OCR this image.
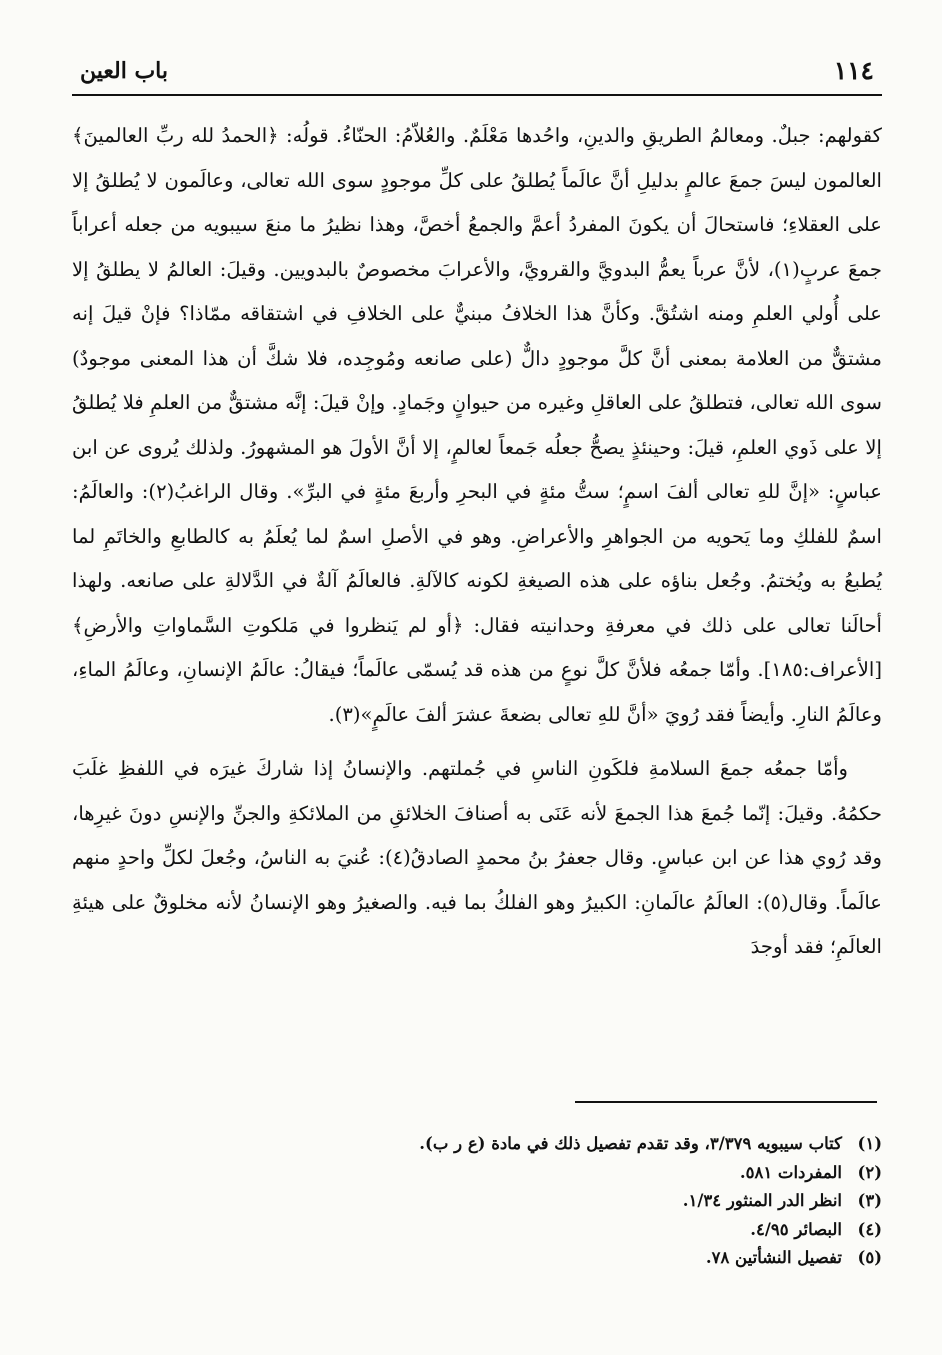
١١٤
باب العين

كقولهم: جبلٌ. ومعالمُ الطريقِ والدينِ، واحُدها مَعْلَمٌ. والعُلاّمُ: الحنّاءُ. قولُه: ﴿الحمدُ لله ربِّ العالمينَ﴾ العالمون ليسَ جمعَ عالمٍ بدليلِ أنَّ عالَماً يُطلقُ على كلِّ موجودٍ سوى الله تعالى، وعالَمون لا يُطلقُ إلا على العقلاءِ؛ فاستحالَ أن يكونَ المفردُ أعمَّ والجمعُ أخصَّ، وهذا نظيرُ ما منعَ سيبويه من جعله أعراباً جمعَ عربٍ(١)، لأنَّ عرباً يعمُّ البدويَّ والقرويَّ، والأعرابَ مخصوصٌ بالبدويين. وقيلَ: العالمُ لا يطلقُ إلا على أُولي العلمِ ومنه اشتُقَّ. وكأنَّ هذا الخلافُ مبنيٌّ على الخلافِ في اشتقاقه ممّاذا؟ فإنْ قيلَ إنه مشتقٌّ من العلامة بمعنى أنَّ كلَّ موجودٍ دالٌّ (على صانعه ومُوجِده، فلا شكَّ أن هذا المعنى موجودٌ) سوى الله تعالى، فتطلقُ على العاقلِ وغيره من حيوانٍ وجَمادٍ. وإنْ قيلَ: إنَّه مشتقٌّ من العلمِ فلا يُطلقُ إلا على ذَوي العلمِ، قيلَ: وحينئذٍ يصحُّ جعلُه جَمعاً لعالمٍ، إلا أنَّ الأولَ هو المشهورُ. ولذلك يُروى عن ابن عباسٍ: «إنَّ للهِ تعالى ألفَ اسمٍ؛ ستُّ مئةٍ في البحرِ وأربعَ مئةٍ في البرِّ». وقال الراغبُ(٢): والعالَمُ: اسمٌ للفلكِ وما يَحويه من الجواهرِ والأعراضِ. وهو في الأصلِ اسمٌ لما يُعلَمُ به كالطابعِ والخاتَمِ لما يُطبعُ به ويُختمُ. وجُعل بناؤه على هذه الصيغةِ لكونه كالآلةِ. فالعالَمُ آلةٌ في الدَّلالةِ على صانعه. ولهذا أحالَنا تعالى على ذلك في معرفةِ وحدانيته فقال: ﴿أو لم يَنظروا في مَلكوتِ السَّماواتِ والأرضِ﴾ [الأعراف:١٨٥]. وأمّا جمعُه فلأنَّ كلَّ نوعٍ من هذه قد يُسمّى عالَماً؛ فيقالُ: عالَمُ الإنسانِ، وعالَمُ الماءِ، وعالَمُ النارِ. وأيضاً فقد رُويَ «أنَّ للهِ تعالى بضعةَ عشرَ ألفَ عالَمٍ»(٣).

وأمّا جمعُه جمعَ السلامةِ فلكَونِ الناسِ في جُملتهم. والإنسانُ إذا شاركَ غيرَه في اللفظِ غلَبَ حكمُهُ. وقيلَ: إنّما جُمعَ هذا الجمعَ لأنه عَنَى به أصنافَ الخلائقِ من الملائكةِ والجنِّ والإنسِ دونَ غيرِها، وقد رُوي هذا عن ابن عباسٍ. وقال جعفرُ بنُ محمدٍ الصادقُ(٤): عُنيَ به الناسُ، وجُعلَ لكلِّ واحدٍ منهم عالَماً. وقال(٥): العالَمُ عالَمانِ: الكبيرُ وهو الفلكُ بما فيه. والصغيرُ وهو الإنسانُ لأنه مخلوقٌ على هيئةِ العالَمِ؛ فقد أوجدَ

(١)
كتاب سيبويه ٣/٣٧٩، وقد تقدم تفصيل ذلك في مادة (ع ر ب).
(٢)
المفردات ٥٨١.
(٣)
انظر الدر المنثور ١/٣٤.
(٤)
البصائر ٤/٩٥.
(٥)
تفصيل النشأتين ٧٨.
